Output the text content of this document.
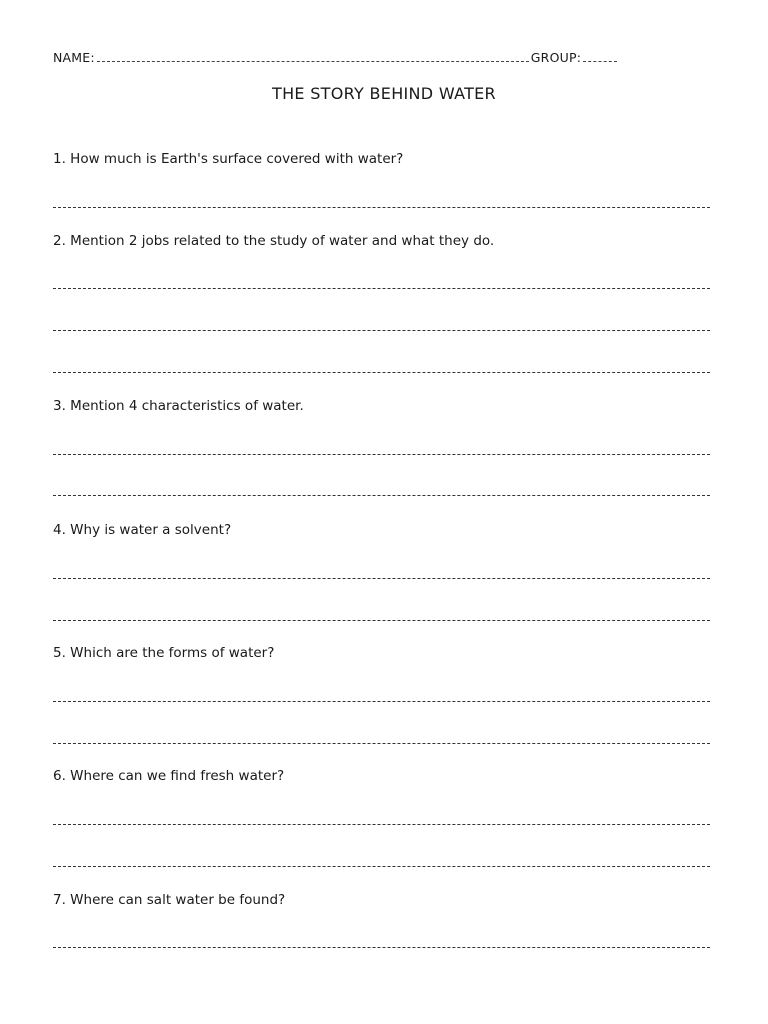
NAME:	GROUP:
THE STORY BEHIND WATER
1. How much is Earth's surface covered with water?
2. Mention 2 jobs related to the study of water and what they do.
3. Mention 4 characteristics of water.
4. Why is water a solvent?
5. Which are the forms of water?
6. Where can we find fresh water?
7. Where can salt water be found?
